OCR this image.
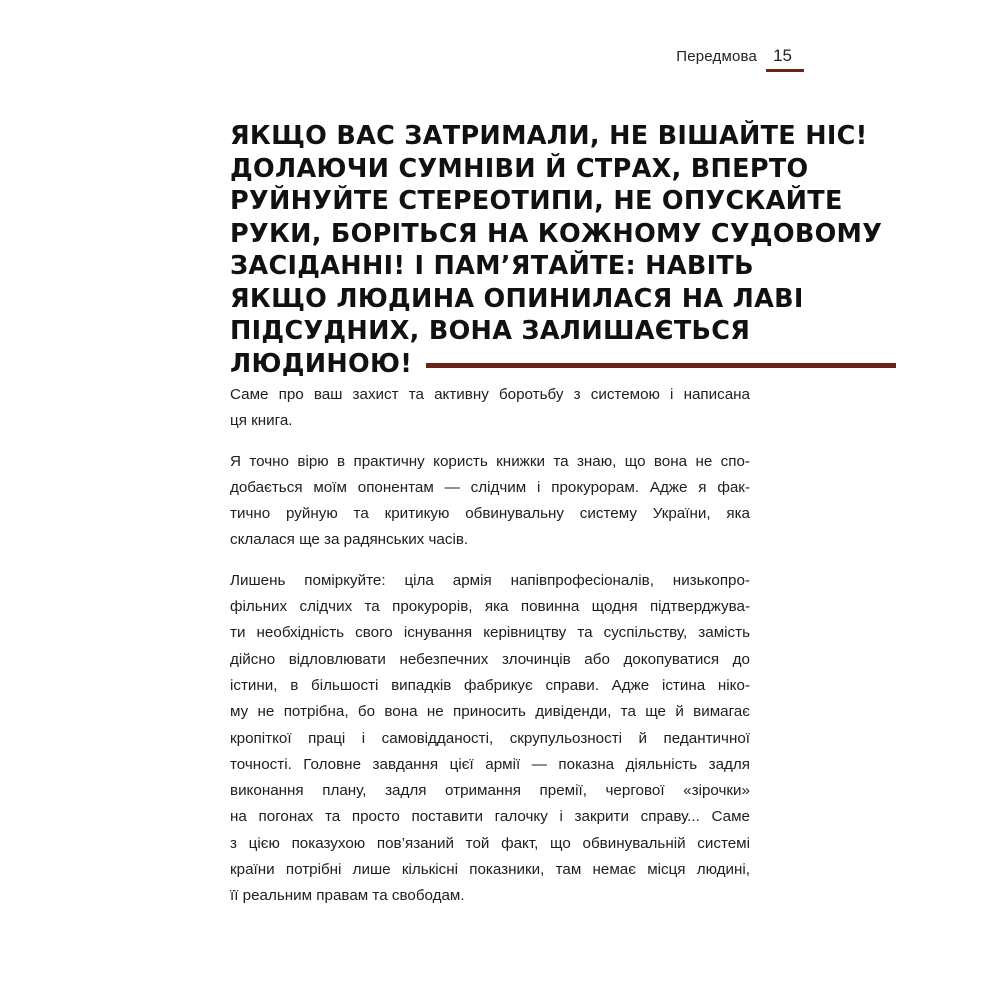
Передмова 15
ЯКЩО ВАС ЗАТРИМАЛИ, НЕ ВІШАЙТЕ НІС!
ДОЛАЮЧИ СУМНІВИ Й СТРАХ, ВПЕРТО
РУЙНУЙТЕ СТЕРЕОТИПИ, НЕ ОПУСКАЙТЕ
РУКИ, БОРІТЬСЯ НА КОЖНОМУ СУДОВОМУ
ЗАСІДАННІ! І ПАМ’ЯТАЙТЕ: НАВІТЬ
ЯКЩО ЛЮДИНА ОПИНИЛАСЯ НА ЛАВІ
ПІДСУДНИХ, ВОНА ЗАЛИШАЄТЬСЯ
ЛЮДИНОЮ!
Саме про ваш захист та активну боротьбу з системою і написана
ця книга.
Я точно вірю в практичну користь книжки та знаю, що вона не спо-
добається моїм опонентам — слідчим і прокурорам. Адже я фак-
тично руйную та критикую обвинувальну систему України, яка
склалася ще за радянських часів.
Лишень поміркуйте: ціла армія напівпрофесіоналів, низькопро-
фільних слідчих та прокурорів, яка повинна щодня підтверджува-
ти необхідність свого існування керівництву та суспільству, замість
дійсно відловлювати небезпечних злочинців або докопуватися до
істини, в більшості випадків фабрикує справи. Адже істина ніко-
му не потрібна, бо вона не приносить дивіденди, та ще й вимагає
кропіткої праці і самовідданості, скрупульозності й педантичної
точності. Головне завдання цієї армії — показна діяльність задля
виконання плану, задля отримання премії, чергової «зірочки»
на погонах та просто поставити галочку і закрити справу... Саме
з цією показухою пов’язаний той факт, що обвинувальній системі
країни потрібні лише кількісні показники, там немає місця людині,
її реальним правам та свободам.
